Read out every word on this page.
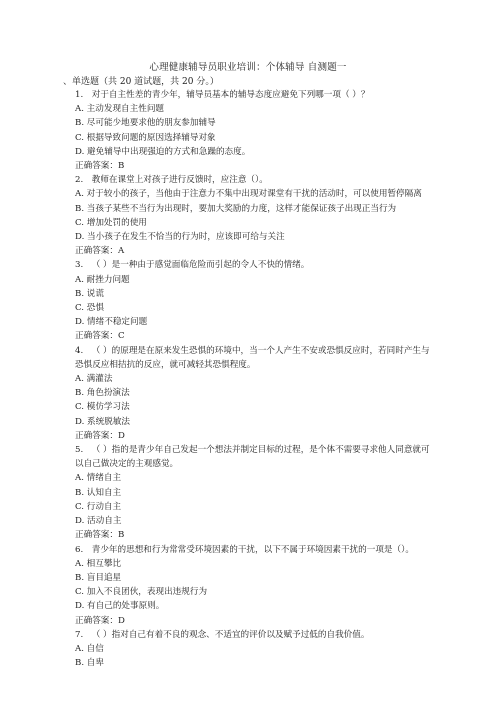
心理健康辅导员职业培训：个体辅导 自测题一
、单选题（共 20 道试题，共 20 分。）
1. 对于自主性差的青少年，辅导员基本的辅导态度应避免下列哪一项（ ）？
A. 主动发现自主性问题
B. 尽可能少地要求他的朋友参加辅导
C. 根据导致问题的原因选择辅导对象
D. 避免辅导中出现强迫的方式和急躁的态度。
正确答案：B
2. 教师在课堂上对孩子进行反馈时，应注意（）。
A. 对于较小的孩子，当他由于注意力不集中出现对课堂有干扰的活动时，可以使用暂停隔离
B. 当孩子某些不当行为出现时，要加大奖励的力度，这样才能保证孩子出现正当行为
C. 增加处罚的使用
D. 当小孩子在发生不恰当的行为时，应该即可给与关注
正确答案：A
3. （ ）是一种由于感觉面临危险而引起的令人不快的情绪。
A. 耐挫力问题
B. 说谎
C. 恐惧
D. 情绪不稳定问题
正确答案：C
4. （ ）的原理是在原来发生恐惧的环境中，当一个人产生不安或恐惧反应时，若同时产生与恐惧反应相拮抗的反应，就可减轻其恐惧程度。
A. 满灌法
B. 角色扮演法
C. 模仿学习法
D. 系统脱敏法
正确答案：D
5. （ ）指的是青少年自己发起一个想法并制定目标的过程，是个体不需要寻求他人同意就可以自己做决定的主观感觉。
A. 情绪自主
B. 认知自主
C. 行动自主
D. 活动自主
正确答案：B
6. 青少年的思想和行为常常受环境因素的干扰，以下不属于环境因素干扰的一项是（）。
A. 相互攀比
B. 盲目追星
C. 加入不良团伙，表现出违规行为
D. 有自己的处事原则。
正确答案：D
7. （ ）指对自己有着不良的观念、不适宜的评价以及赋予过低的自我价值。
A. 自信
B. 自卑
